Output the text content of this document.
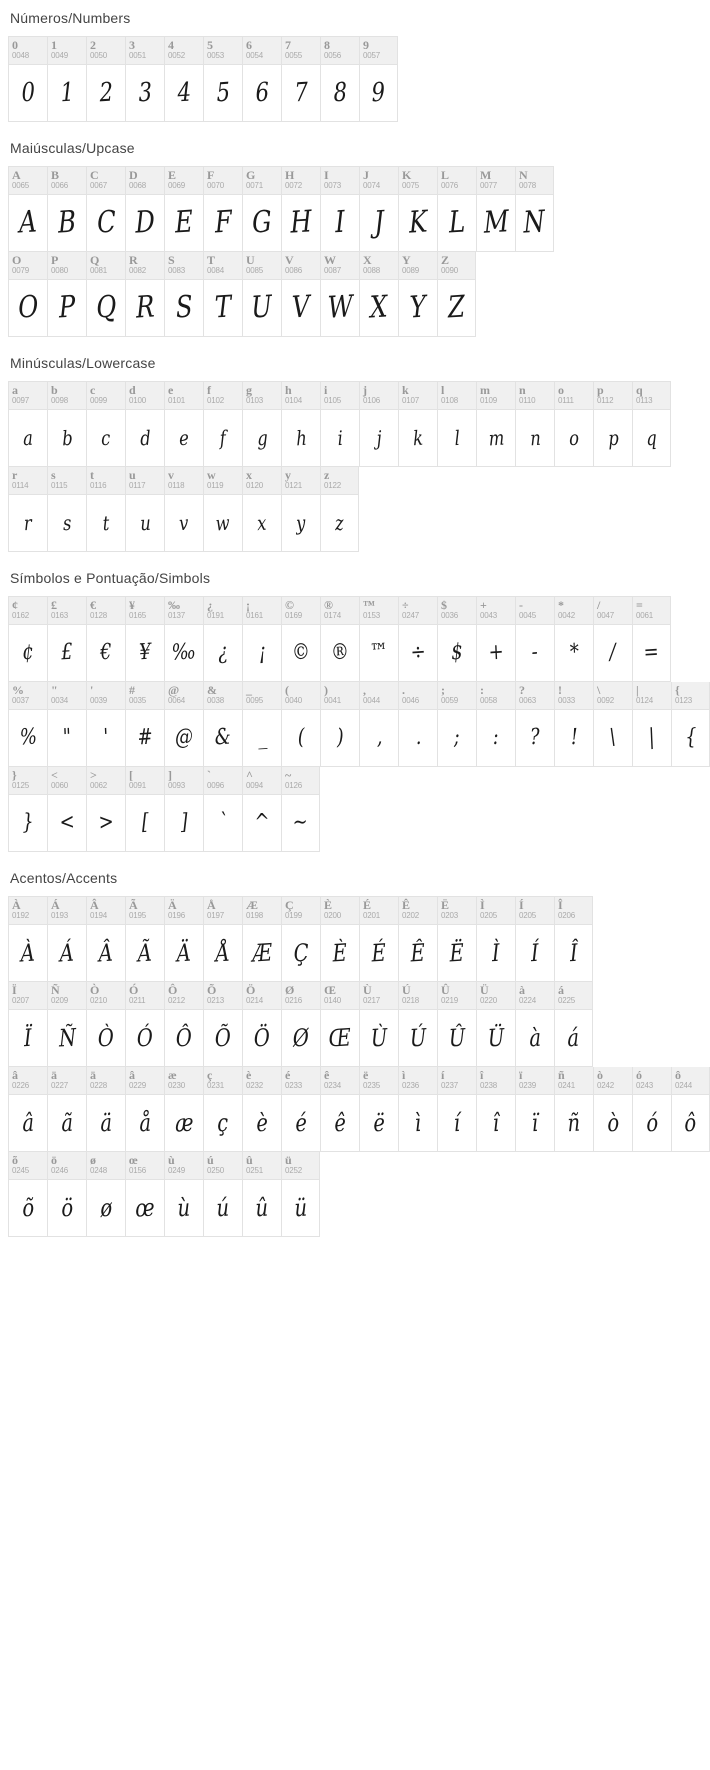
Números/Numbers
0
0048
0
1
0049
1
2
0050
2
3
0051
3
4
0052
4
5
0053
5
6
0054
6
7
0055
7
8
0056
8
9
0057
9
Maiúsculas/Upcase
A
0065
A
B
0066
B
C
0067
C
D
0068
D
E
0069
E
F
0070
F
G
0071
G
H
0072
H
I
0073
I
J
0074
J
K
0075
K
L
0076
L
M
0077
M
N
0078
N
O
0079
O
P
0080
P
Q
0081
Q
R
0082
R
S
0083
S
T
0084
T
U
0085
U
V
0086
V
W
0087
W
X
0088
X
Y
0089
Y
Z
0090
Z
Minúsculas/Lowercase
a
0097
a
b
0098
b
c
0099
c
d
0100
d
e
0101
e
f
0102
f
g
0103
g
h
0104
h
i
0105
i
j
0106
j
k
0107
k
l
0108
l
m
0109
m
n
0110
n
o
0111
o
p
0112
p
q
0113
q
r
0114
r
s
0115
s
t
0116
t
u
0117
u
v
0118
v
w
0119
w
x
0120
x
y
0121
y
z
0122
z
Símbolos e Pontuação/Simbols
¢
0162
¢
£
0163
£
€
0128
€
¥
0165
¥
‰
0137
‰
¿
0191
¿
¡
0161
¡
©
0169
©
®
0174
®
™
0153
™
÷
0247
÷
$
0036
$
+
0043
+
-
0045
-
*
0042
*
/
0047
/
=
0061
=
%
0037
%
"
0034
"
'
0039
'
#
0035
#
@
0064
@
&
0038
&
_
0095
_
(
0040
(
)
0041
)
,
0044
,
.
0046
.
;
0059
;
:
0058
:
?
0063
?
!
0033
!
\
0092
\
|
0124
|
{
0123
{
}
0125
}
<
0060
<
>
0062
>
[
0091
[
]
0093
]
`
0096
`
^
0094
^
~
0126
~
Acentos/Accents
À
0192
À
Á
0193
Á
Â
0194
Â
Ã
0195
Ã
Ä
0196
Ä
Å
0197
Å
Æ
0198
Æ
Ç
0199
Ç
È
0200
È
É
0201
É
Ê
0202
Ê
Ë
0203
Ë
Ì
0205
Ì
Í
0205
Í
Î
0206
Î
Ï
0207
Ï
Ñ
0209
Ñ
Ò
0210
Ò
Ó
0211
Ó
Ô
0212
Ô
Õ
0213
Õ
Ö
0214
Ö
Ø
0216
Ø
Œ
0140
Œ
Ù
0217
Ù
Ú
0218
Ú
Û
0219
Û
Ü
0220
Ü
à
0224
à
á
0225
á
â
0226
â
ä
0227
ã
ä
0228
ä
â
0229
å
æ
0230
æ
ç
0231
ç
è
0232
è
é
0233
é
ê
0234
ê
ë
0235
ë
ì
0236
ì
í
0237
í
î
0238
î
ï
0239
ï
ñ
0241
ñ
ò
0242
ò
ó
0243
ó
ô
0244
ô
õ
0245
õ
ö
0246
ö
ø
0248
ø
œ
0156
œ
ù
0249
ù
ú
0250
ú
û
0251
û
ü
0252
ü
